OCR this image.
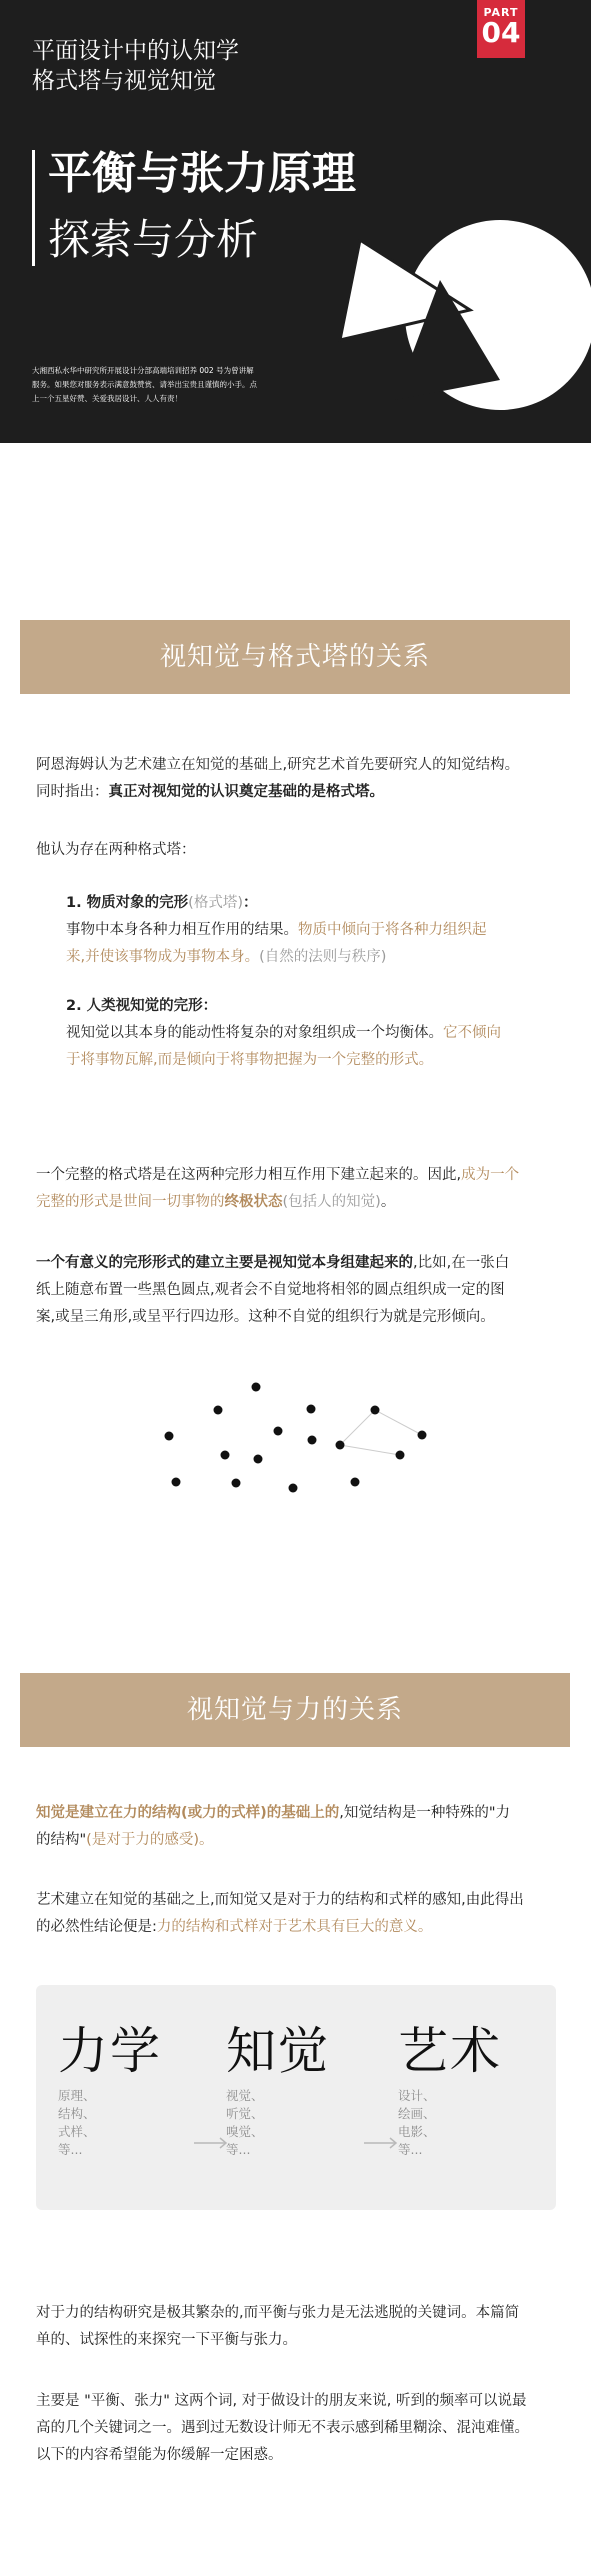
平面设计中的认知学
格式塔与视觉知觉
PART
04
平衡与张力原理
探索与分析
大湘西私水华中研究所开展设计分部高端培训招养 002 号为曾讲解
服务。如果您对服务表示满意鼓赞赏、请举出宝贵且谨慎的小手。点
上一个五星好赞、关爱我居设计、人人有责！
视知觉与格式塔的关系
阿恩海姆认为艺术建立在知觉的基础上,研究艺术首先要研究人的知觉结构。
同时指出：真正对视知觉的认识奠定基础的是格式塔。
他认为存在两种格式塔：
1. 物质对象的完形(格式塔)：
事物中本身各种力相互作用的结果。物质中倾向于将各种力组织起
来,并使该事物成为事物本身。(自然的法则与秩序)
2. 人类视知觉的完形：
视知觉以其本身的能动性将复杂的对象组织成一个均衡体。它不倾向
于将事物瓦解,而是倾向于将事物把握为一个完整的形式。
一个完整的格式塔是在这两种完形力相互作用下建立起来的。因此,成为一个
完整的形式是世间一切事物的终极状态(包括人的知觉)。
一个有意义的完形形式的建立主要是视知觉本身组建起来的,比如,在一张白
纸上随意布置一些黑色圆点,观者会不自觉地将相邻的圆点组织成一定的图
案,或呈三角形,或呈平行四边形。这种不自觉的组织行为就是完形倾向。
视知觉与力的关系
知觉是建立在力的结构(或力的式样)的基础上的,知觉结构是一种特殊的"力
的结构"(是对于力的感受)。
艺术建立在知觉的基础之上,而知觉又是对于力的结构和式样的感知,由此得出
的必然性结论便是:力的结构和式样对于艺术具有巨大的意义。
力学
原理、
结构、
式样、
等...
知觉
视觉、
听觉、
嗅觉、
等...
艺术
设计、
绘画、
电影、
等...
对于力的结构研究是极其繁杂的,而平衡与张力是无法逃脱的关键词。本篇简
单的、试探性的来探究一下平衡与张力。
主要是 "平衡、张力" 这两个词, 对于做设计的朋友来说, 听到的频率可以说最
高的几个关键词之一。遇到过无数设计师无不表示感到稀里糊涂、混沌难懂。
以下的内容希望能为你缓解一定困惑。
